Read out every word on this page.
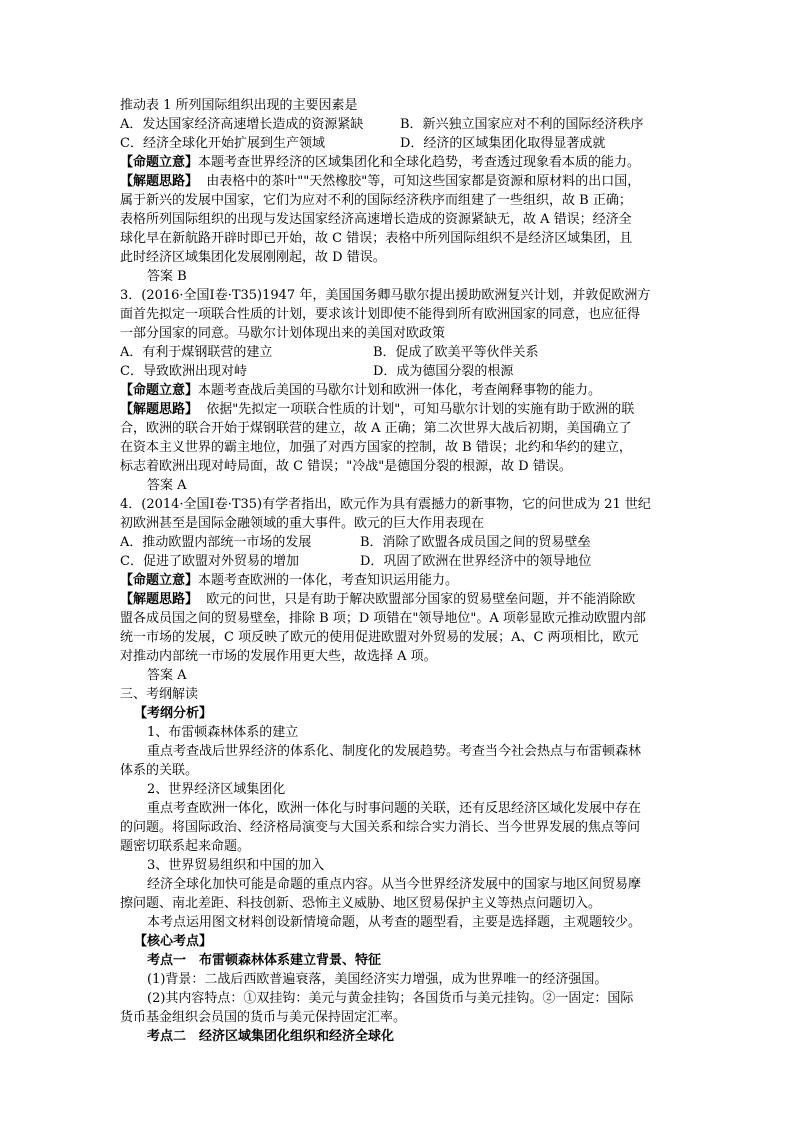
推动表 1 所列国际组织出现的主要因素是
A．发达国家经济高速增长造成的资源紧缺	B．新兴独立国家应对不利的国际经济秩序
C．经济全球化开始扩展到生产领域	D．经济的区域集团化取得显著成就
【命题立意】本题考查世界经济的区域集团化和全球化趋势，考查透过现象看本质的能力。
【解题思路】 由表格中的茶叶""天然橡胶"等，可知这些国家都是资源和原材料的出口国，
属于新兴的发展中国家，它们为应对不利的国际经济秩序而组建了一些组织，故 B 正确；
表格所列国际组织的出现与发达国家经济高速增长造成的资源紧缺无，故 A 错误；经济全
球化早在新航路开辟时即已开始，故 C 错误；表格中所列国际组织不是经济区域集团，且
此时经济区域集团化发展刚刚起，故 D 错误。
答案 B
3．(2016·全国Ⅰ卷·T35)1947 年，美国国务卿马歇尔提出援助欧洲复兴计划，并敦促欧洲方
面首先拟定一项联合性质的计划，要求该计划即使不能得到所有欧洲国家的同意，也应征得
一部分国家的同意。马歇尔计划体现出来的美国对欧政策
A．有利于煤钢联营的建立	B．促成了欧美平等伙伴关系
C．导致欧洲出现对峙	D．成为德国分裂的根源
【命题立意】本题考查战后美国的马歇尔计划和欧洲一体化，考查阐释事物的能力。
【解题思路】 依据"先拟定一项联合性质的计划"，可知马歇尔计划的实施有助于欧洲的联
合，欧洲的联合开始于煤钢联营的建立，故 A 正确；第二次世界大战后初期，美国确立了
在资本主义世界的霸主地位，加强了对西方国家的控制，故 B 错误；北约和华约的建立，
标志着欧洲出现对峙局面，故 C 错误；"冷战"是德国分裂的根源，故 D 错误。
答案 A
4．(2014·全国Ⅰ卷·T35)有学者指出，欧元作为具有震撼力的新事物，它的问世成为 21 世纪
初欧洲甚至是国际金融领域的重大事件。欧元的巨大作用表现在
A．推动欧盟内部统一市场的发展	B．消除了欧盟各成员国之间的贸易壁垒
C．促进了欧盟对外贸易的增加	D．巩固了欧洲在世界经济中的领导地位
【命题立意】本题考查欧洲的一体化，考查知识运用能力。
【解题思路】 欧元的问世，只是有助于解决欧盟部分国家的贸易壁垒问题，并不能消除欧
盟各成员国之间的贸易壁垒，排除 B 项；D 项错在"领导地位"。A 项彰显欧元推动欧盟内部
统一市场的发展，C 项反映了欧元的使用促进欧盟对外贸易的发展；A、C 两项相比，欧元
对推动内部统一市场的发展作用更大些，故选择 A 项。
答案 A
三、考纲解读
【考纲分析】
1、布雷顿森林体系的建立
重点考查战后世界经济的体系化、制度化的发展趋势。考查当今社会热点与布雷顿森林
体系的关联。
2、世界经济区域集团化
重点考查欧洲一体化，欧洲一体化与时事问题的关联，还有反思经济区域化发展中存在
的问题。将国际政治、经济格局演变与大国关系和综合实力消长、当今世界发展的焦点等问
题密切联系起来命题。
3、世界贸易组织和中国的加入
经济全球化加快可能是命题的重点内容。从当今世界经济发展中的国家与地区间贸易摩
擦问题、南北差距、科技创新、恐怖主义威胁、地区贸易保护主义等热点问题切入。
本考点运用图文材料创设新情境命题，从考查的题型看，主要是选择题，主观题较少。
【核心考点】
考点一　布雷顿森林体系建立背景、特征
(1)背景：二战后西欧普遍衰落，美国经济实力增强，成为世界唯一的经济强国。
(2)其内容特点：①双挂钩：美元与黄金挂钩；各国货币与美元挂钩。②一固定：国际
货币基金组织会员国的货币与美元保持固定汇率。
考点二　经济区域集团化组织和经济全球化
